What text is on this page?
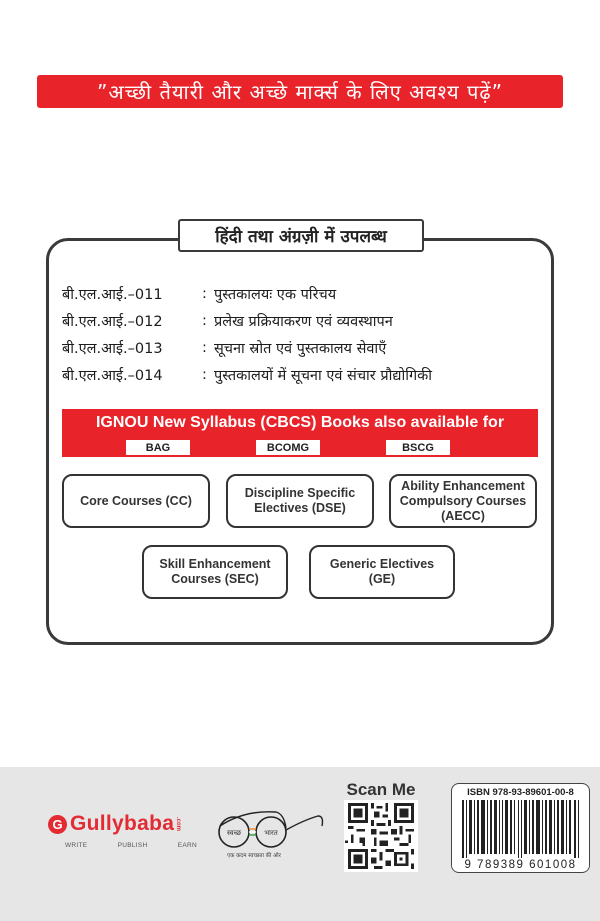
”अच्छी तैयारी और अच्छे मार्क्स के लिए अवश्य पढ़ें”
हिंदी तथा अंग्रज़ी में उपलब्ध
बी.एल.आई.–011	: पुस्तकालयः एक परिचय
बी.एल.आई.–012	: प्रलेख प्रक्रियाकरण एवं व्यवस्थापन
बी.एल.आई.–013	: सूचना स्रोत एवं पुस्तकालय सेवाएँ
बी.एल.आई.–014	: पुस्तकालयों में सूचना एवं संचार प्रौद्योगिकी
IGNOU New Syllabus (CBCS) Books also available for
BAG	BCOMG	BSCG
Core Courses (CC)
Discipline Specific Electives (DSE)
Ability Enhancement Compulsory Courses (AECC)
Skill Enhancement Courses (SEC)
Generic Electives (GE)
G Gullybaba .com
WRITE	PUBLISH	EARN
स्वच्छ	भारत
एक कदम स्वच्छता की ओर
Scan Me	ISBN 978-93-89601-00-8
9 789389 601008
